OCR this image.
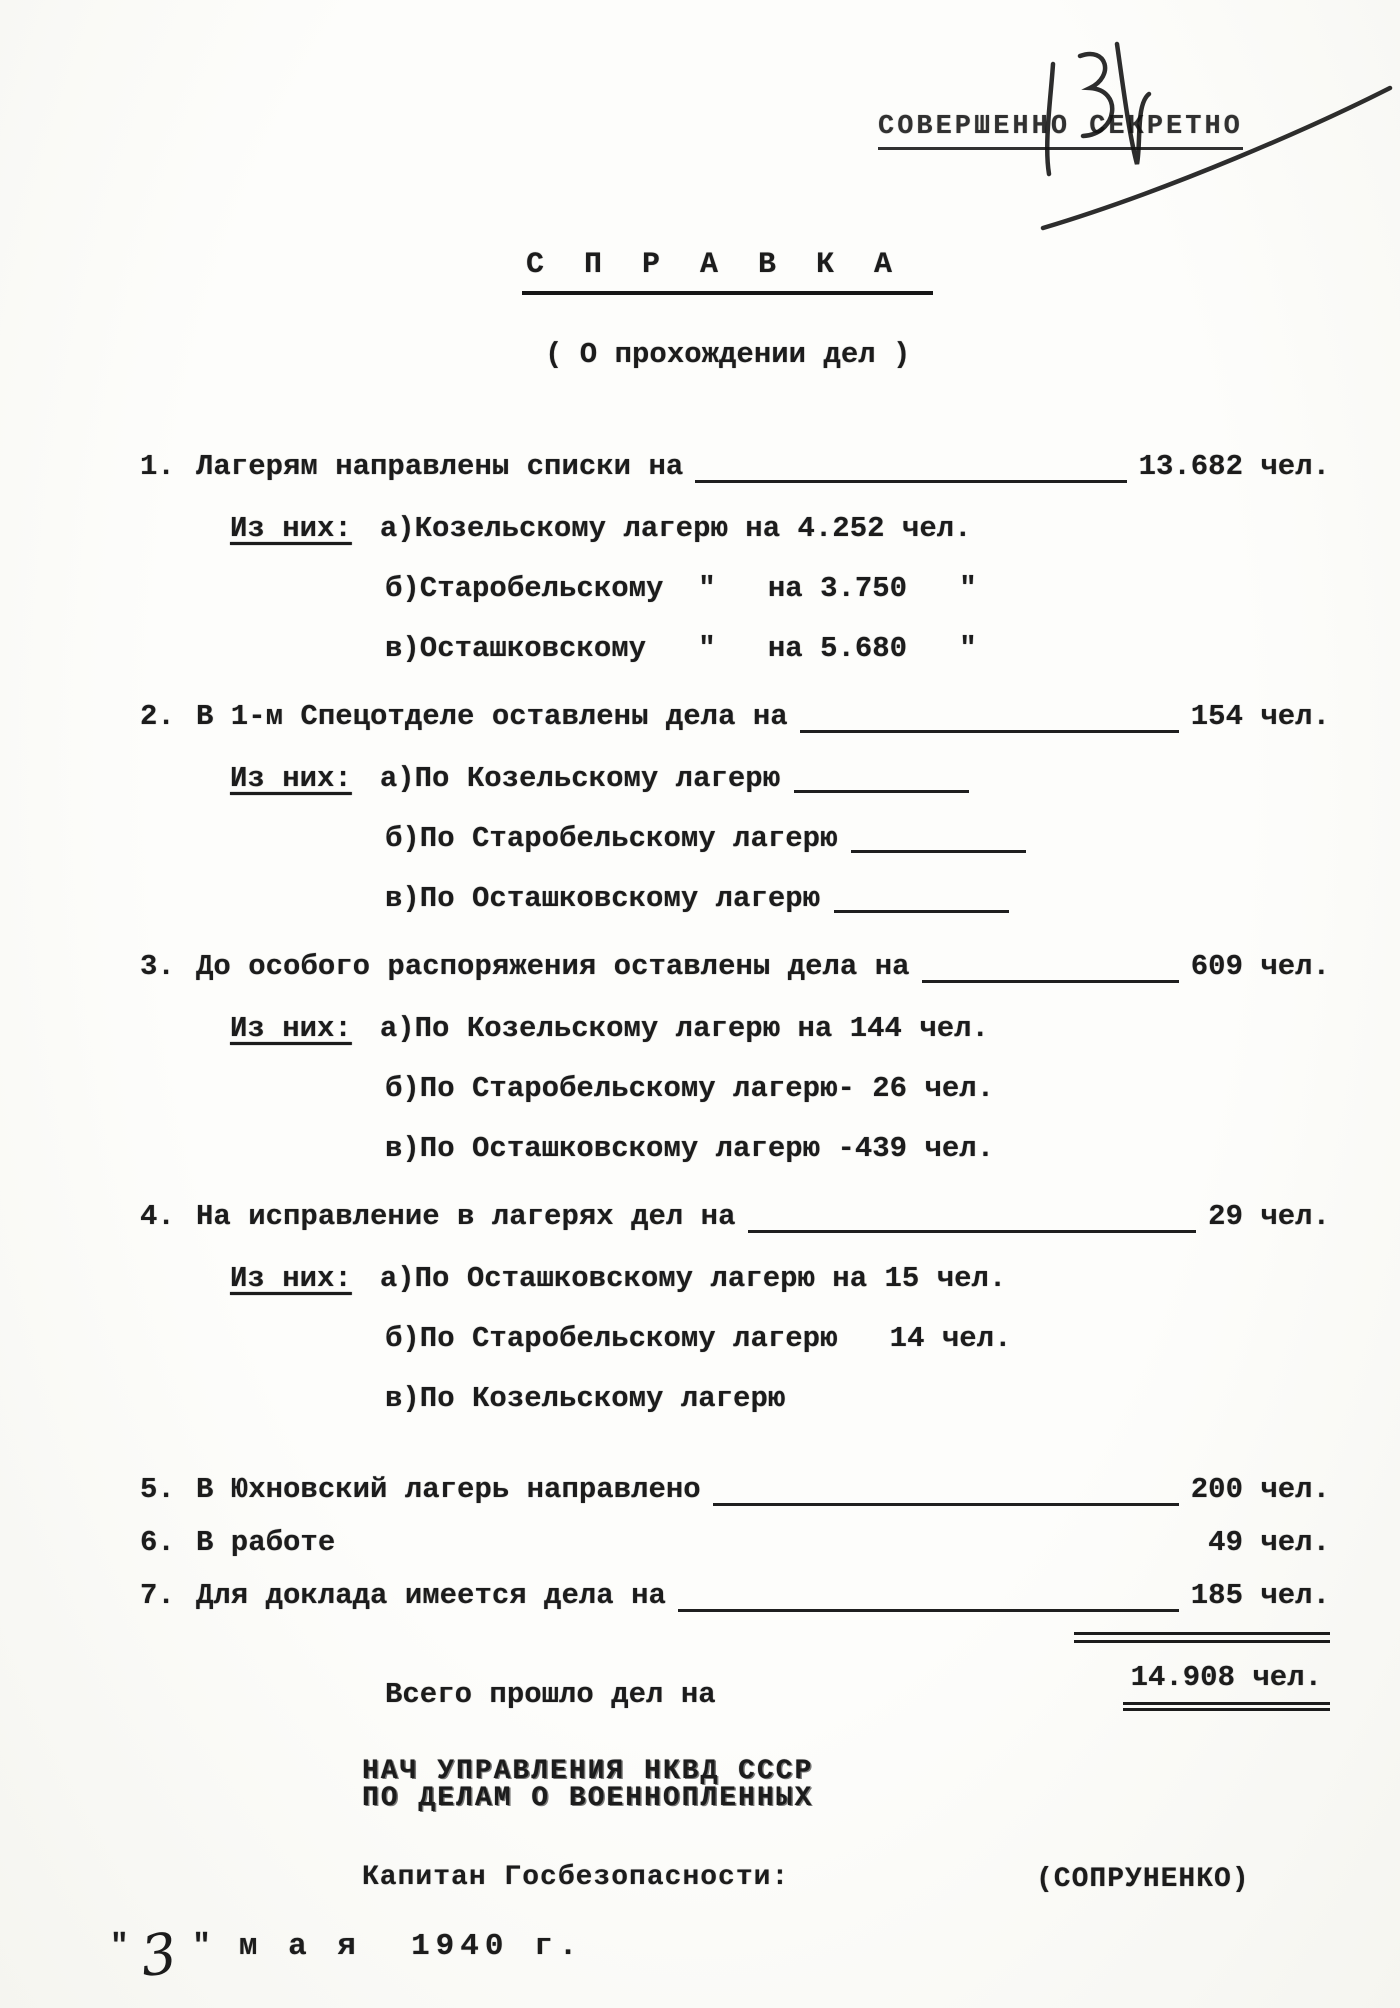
СОВЕРШЕННО СЕКРЕТНО
С П Р А В К А
( О прохождении дел )
1. Лагерям направлены списки на	13.682 чел.
Из них: а)Козельскому лагерю на 4.252 чел.
б)Старобельскому  "   на 3.750   "
в)Осташковскому   "   на 5.680   "
2. В 1-м Спецотделе оставлены дела на	154 чел.
Из них: а)По Козельскому лагерю
б)По Старобельскому лагерю
в)По Осташковскому лагерю
3. До особого распоряжения оставлены дела на	609 чел.
Из них: а)По Козельскому лагерю на 144 чел.
б)По Старобельскому лагерю- 26 чел.
в)По Осташковскому лагерю -439 чел.
4. На исправление в лагерях дел на	29 чел.
Из них: а)По Осташковскому лагерю на 15 чел.
б)По Старобельскому лагерю   14 чел.
в)По Козельскому лагерю
5. В Юхновский лагерь направлено	200 чел.
6. В работе	49 чел.
7. Для доклада имеется дела на	185 чел.
Всего прошло дел на
14.908 чел.
НАЧ УПРАВЛЕНИЯ НКВД СССР
ПО ДЕЛАМ О ВОЕННОПЛЕННЫХ
Капитан Госбезопасности:	(СОПРУНЕНКО)
" 3 " м а я  1940 г.
